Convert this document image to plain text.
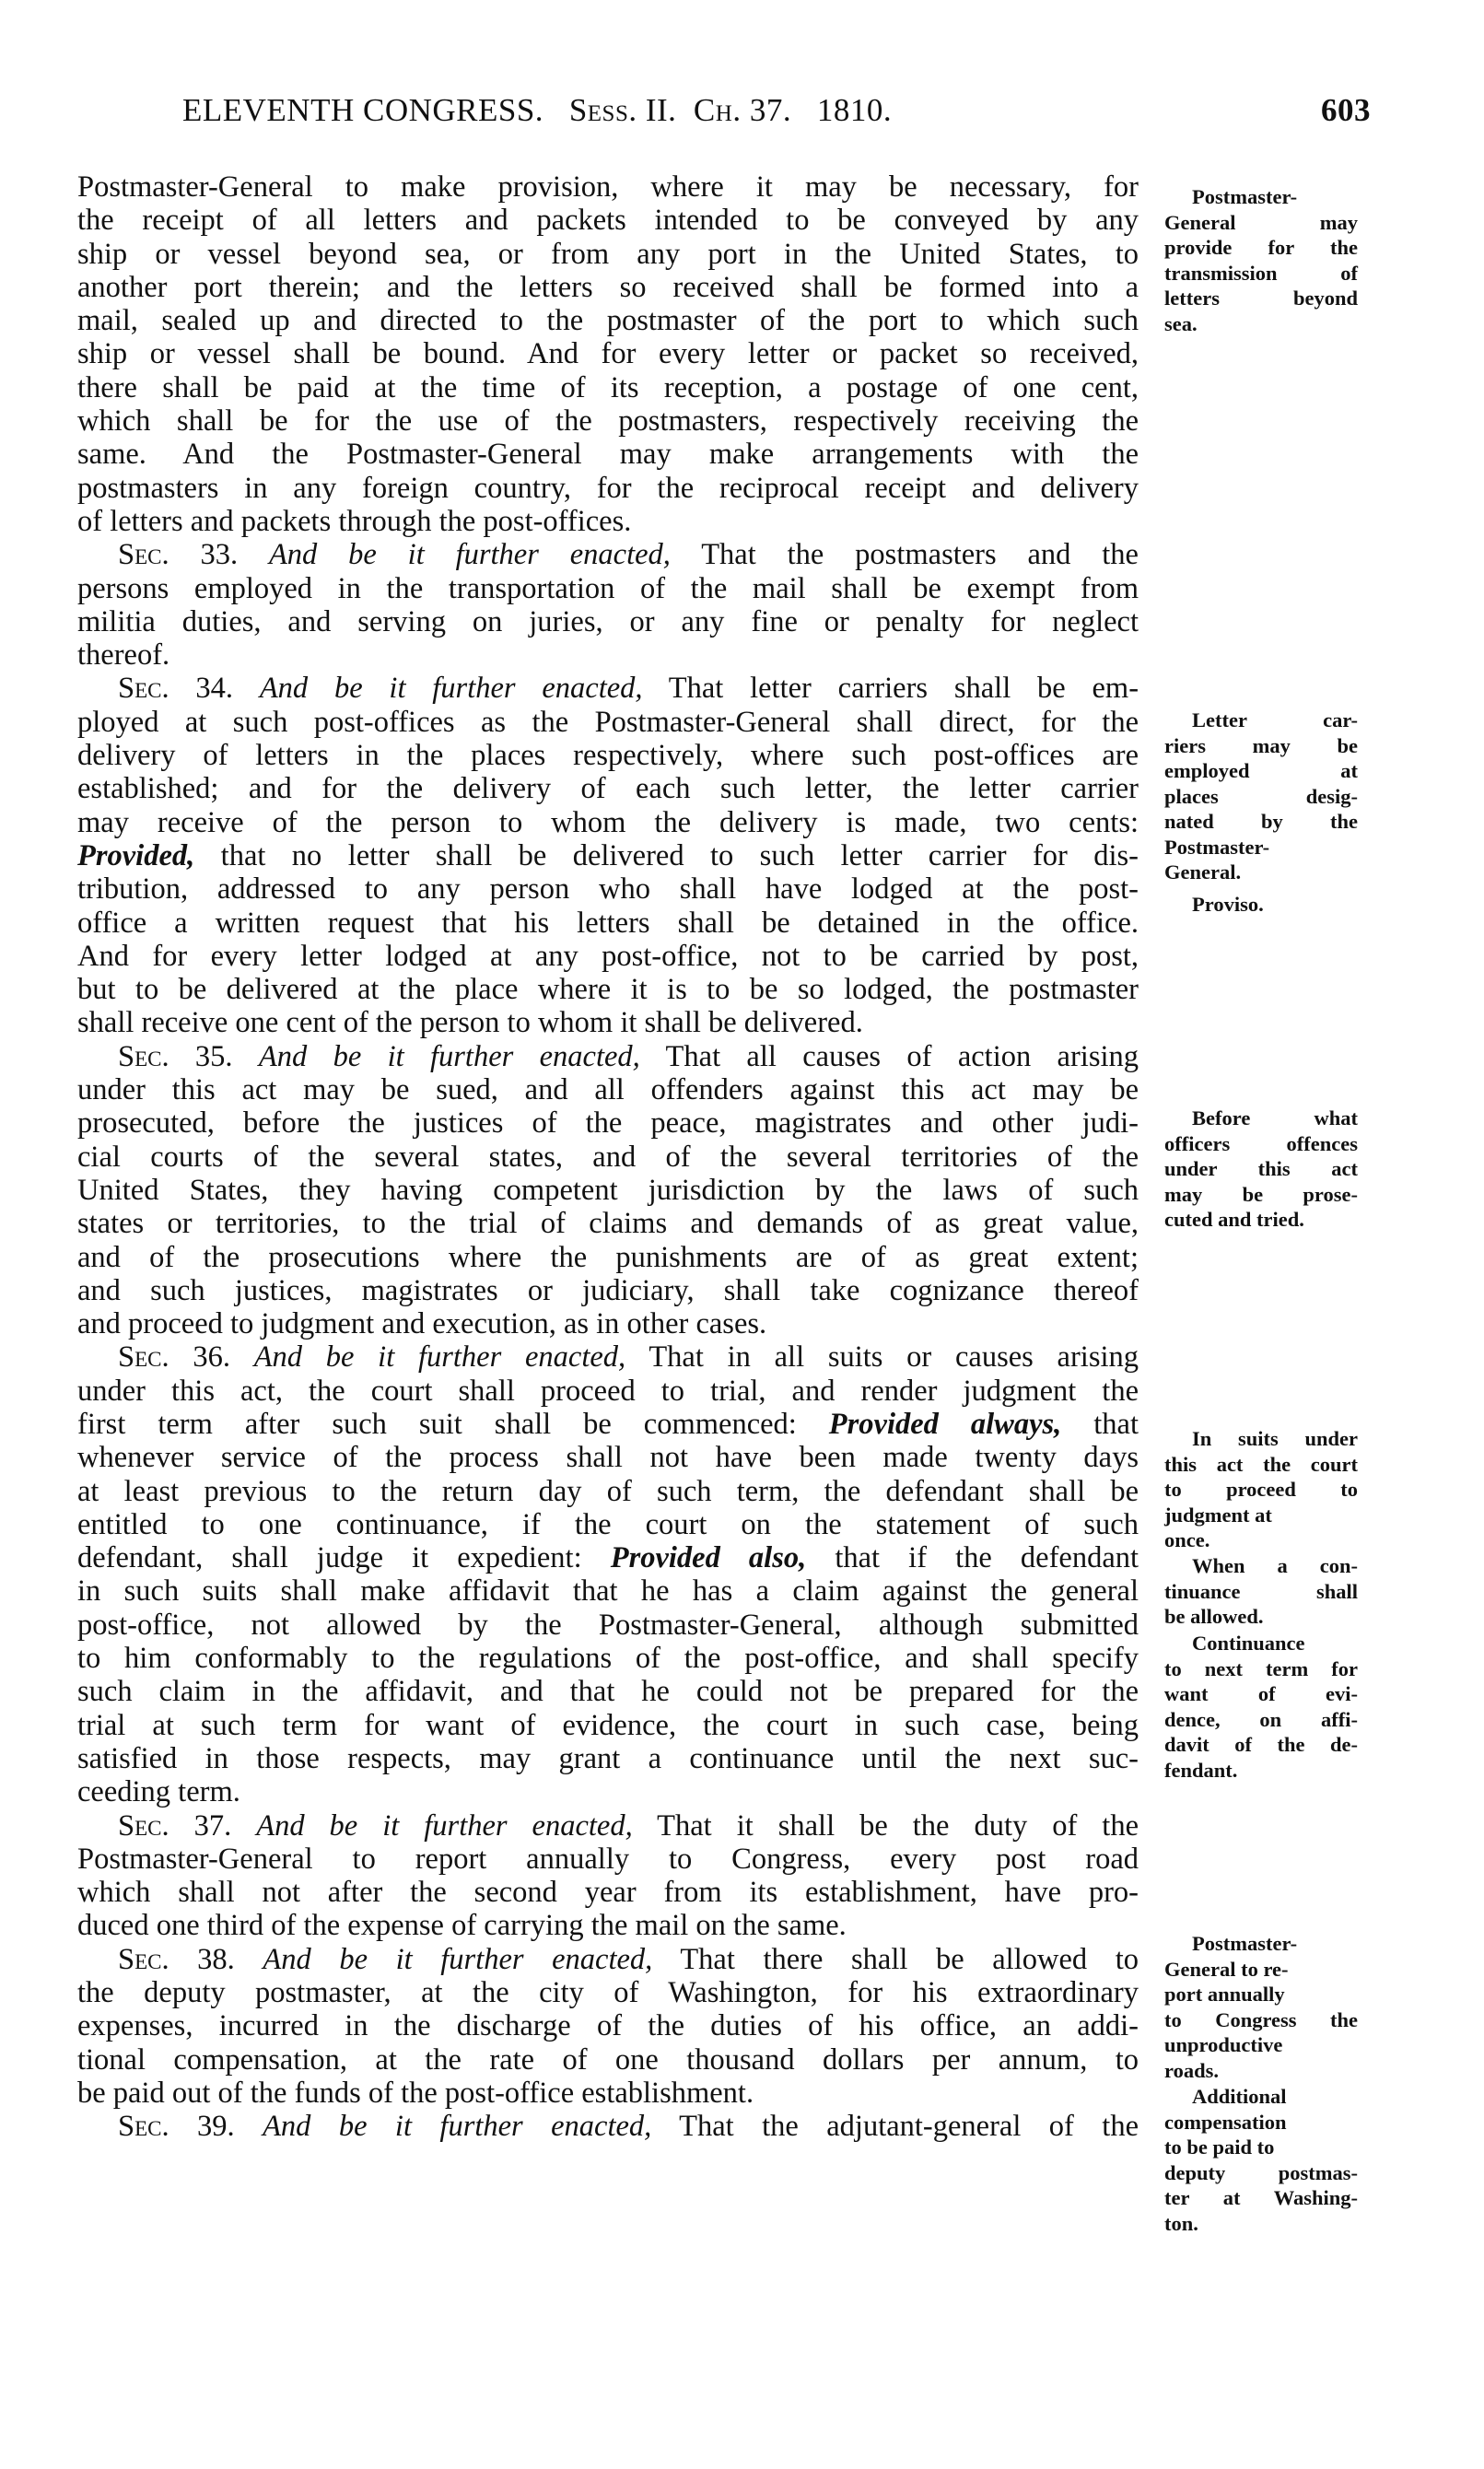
ELEVENTH CONGRESS. Sess. II. Ch. 37. 1810.	603

Postmaster-General to make provision, where it may be necessary, for
the receipt of all letters and packets intended to be conveyed by any
ship or vessel beyond sea, or from any port in the United States, to
another port therein; and the letters so received shall be formed into a
mail, sealed up and directed to the postmaster of the port to which such
ship or vessel shall be bound. And for every letter or packet so received,
there shall be paid at the time of its reception, a postage of one cent,
which shall be for the use of the postmasters, respectively receiving the
same. And the Postmaster-General may make arrangements with the
postmasters in any foreign country, for the reciprocal receipt and delivery
of letters and packets through the post-offices.

Sec. 33. And be it further enacted, That the postmasters and the
persons employed in the transportation of the mail shall be exempt from
militia duties, and serving on juries, or any fine or penalty for neglect
thereof.

Sec. 34. And be it further enacted, That letter carriers shall be em-
ployed at such post-offices as the Postmaster-General shall direct, for the
delivery of letters in the places respectively, where such post-offices are
established; and for the delivery of each such letter, the letter carrier
may receive of the person to whom the delivery is made, two cents:
Provided, that no letter shall be delivered to such letter carrier for dis-
tribution, addressed to any person who shall have lodged at the post-
office a written request that his letters shall be detained in the office.
And for every letter lodged at any post-office, not to be carried by post,
but to be delivered at the place where it is to be so lodged, the postmaster
shall receive one cent of the person to whom it shall be delivered.

Sec. 35. And be it further enacted, That all causes of action arising
under this act may be sued, and all offenders against this act may be
prosecuted, before the justices of the peace, magistrates and other judi-
cial courts of the several states, and of the several territories of the
United States, they having competent jurisdiction by the laws of such
states or territories, to the trial of claims and demands of as great value,
and of the prosecutions where the punishments are of as great extent;
and such justices, magistrates or judiciary, shall take cognizance thereof
and proceed to judgment and execution, as in other cases.

Sec. 36. And be it further enacted, That in all suits or causes arising
under this act, the court shall proceed to trial, and render judgment the
first term after such suit shall be commenced: Provided always, that
whenever service of the process shall not have been made twenty days
at least previous to the return day of such term, the defendant shall be
entitled to one continuance, if the court on the statement of such
defendant, shall judge it expedient: Provided also, that if the defendant
in such suits shall make affidavit that he has a claim against the general
post-office, not allowed by the Postmaster-General, although submitted
to him conformably to the regulations of the post-office, and shall specify
such claim in the affidavit, and that he could not be prepared for the
trial at such term for want of evidence, the court in such case, being
satisfied in those respects, may grant a continuance until the next suc-
ceeding term.

Sec. 37. And be it further enacted, That it shall be the duty of the
Postmaster-General to report annually to Congress, every post road
which shall not after the second year from its establishment, have pro-
duced one third of the expense of carrying the mail on the same.

Sec. 38. And be it further enacted, That there shall be allowed to
the deputy postmaster, at the city of Washington, for his extraordinary
expenses, incurred in the discharge of the duties of his office, an addi-
tional compensation, at the rate of one thousand dollars per annum, to
be paid out of the funds of the post-office establishment.

Sec. 39. And be it further enacted, That the adjutant-general of the

Postmaster-
General may
provide for the
transmission of
letters beyond
sea.
Letter car-
riers may be
employed at
places desig-
nated by the
Postmaster-
General.
Proviso.
Before what
officers offences
under this act
may be prose-
cuted and tried.
In suits under
this act the court
to proceed to
judgment at
once.
When a con-
tinuance shall
be allowed.
Continuance
to next term for
want of evi-
dence, on affi-
davit of the de-
fendant.
Postmaster-
General to re-
port annually
to Congress the
unproductive
roads.
Additional
compensation
to be paid to
deputy postmas-
ter at Washing-
ton.
